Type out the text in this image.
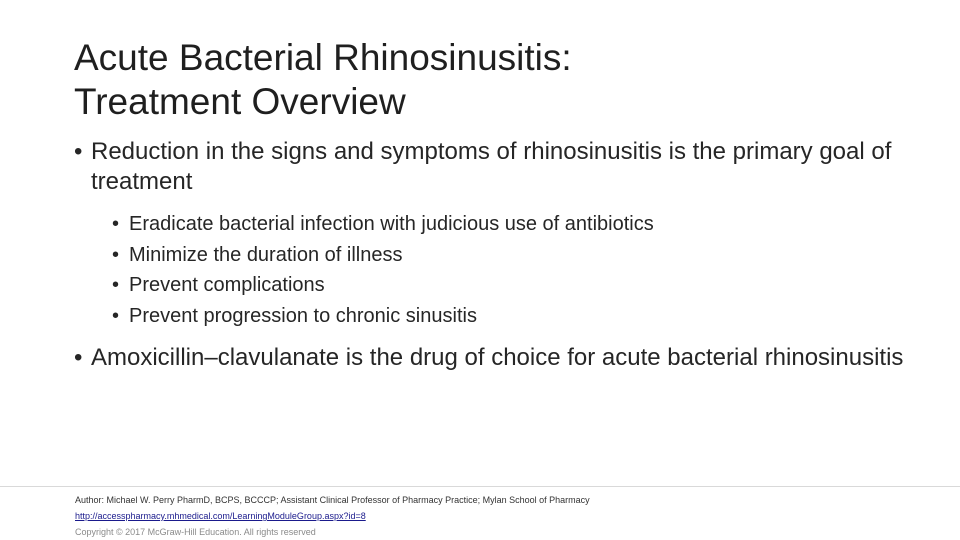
Acute Bacterial Rhinosinusitis:
Treatment Overview
• Reduction in the signs and symptoms of rhinosinusitis is the primary goal of treatment
• Eradicate bacterial infection with judicious use of antibiotics
• Minimize the duration of illness
• Prevent complications
• Prevent progression to chronic sinusitis
• Amoxicillin–clavulanate is the drug of choice for acute bacterial rhinosinusitis
Author: Michael W. Perry PharmD, BCPS, BCCCP; Assistant Clinical Professor of Pharmacy Practice; Mylan School of Pharmacy
http://accesspharmacy.mhmedical.com/LearningModuleGroup.aspx?id=8
Copyright © 2017 McGraw-Hill Education. All rights reserved
